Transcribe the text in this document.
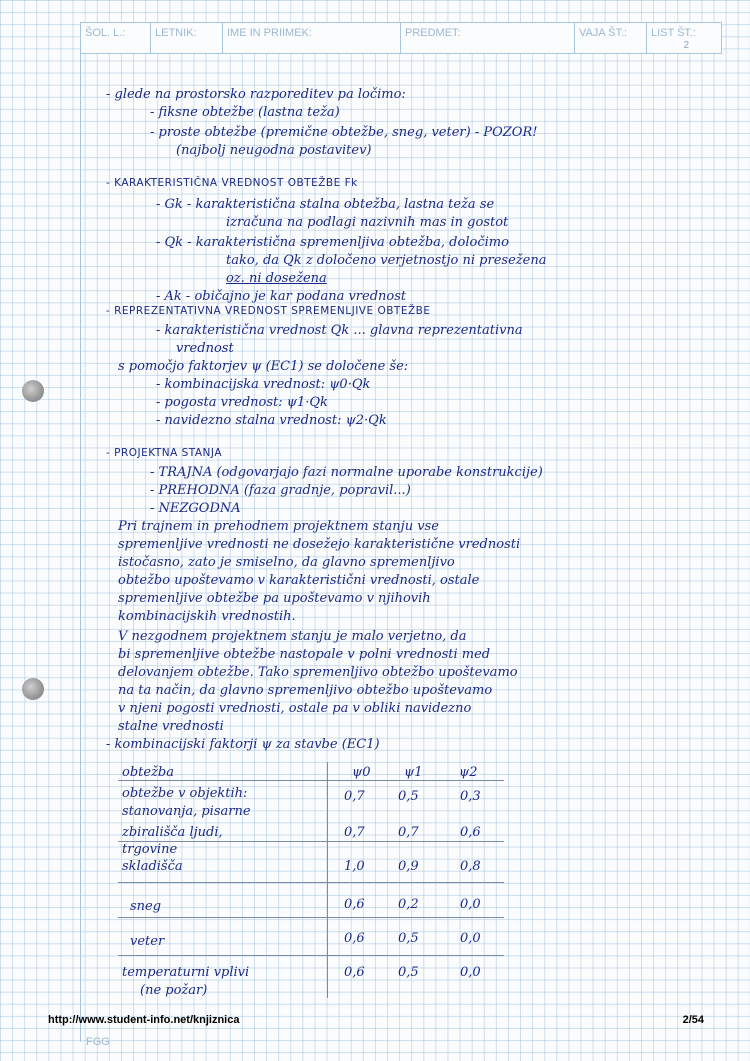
ŠOL. L.:	LETNIK:	IME IN PRIIMEK:	PREDMET:	VAJA ŠT.:	LIST ŠT.:
2
- glede na prostorsko razporeditev pa ločimo:
- fiksne obtežbe (lastna teža)
- proste obtežbe (premične obtežbe, sneg, veter) - POZOR!
(najbolj neugodna postavitev)
- KARAKTERISTIČNA VREDNOST OBTEŽBE Fk
- Gk - karakteristična stalna obtežba, lastna teža se
izračuna na podlagi nazivnih mas in gostot
- Qk - karakteristična spremenljiva obtežba, določimo
tako, da Qk z določeno verjetnostjo ni presežena
oz. ni dosežena
- Ak - običajno je kar podana vrednost
- REPREZENTATIVNA VREDNOST SPREMENLJIVE OBTEŽBE
- karakteristična vrednost Qk ... glavna reprezentativna
vrednost
s pomočjo faktorjev ψ (EC1) se določene še:
- kombinacijska vrednost: ψ0·Qk
- pogosta vrednost: ψ1·Qk
- navidezno stalna vrednost: ψ2·Qk
- PROJEKTNA STANJA
- TRAJNA (odgovarjajo fazi normalne uporabe konstrukcije)
- PREHODNA (faza gradnje, popravil...)
- NEZGODNA
Pri trajnem in prehodnem projektnem stanju vse
spremenljive vrednosti ne dosežejo karakteristične vrednosti
istočasno, zato je smiselno, da glavno spremenljivo
obtežbo upoštevamo v karakteristični vrednosti, ostale
spremenljive obtežbe pa upoštevamo v njihovih
kombinacijskih vrednostih.
V nezgodnem projektnem stanju je malo verjetno, da
bi spremenljive obtežbe nastopale v polni vrednosti med
delovanjem obtežbe. Tako spremenljivo obtežbo upoštevamo
na ta način, da glavno spremenljivo obtežbo upoštevamo
v njeni pogosti vrednosti, ostale pa v obliki navidezno
stalne vrednosti
- kombinacijski faktorji ψ za stavbe (EC1)
obtežba	ψ0	ψ1	ψ2
obtežbe v objektih:
stanovanja, pisarne
0,7	0,5	0,3
zbirališča ljudi,
trgovine
0,7	0,7	0,6
skladišča	1,0	0,9	0,8
sneg	0,6	0,2	0,0
veter	0,6	0,5	0,0
temperaturni vplivi
(ne požar)
0,6	0,5	0,0
http://www.student-info.net/knjiznica	2/54
FGG
